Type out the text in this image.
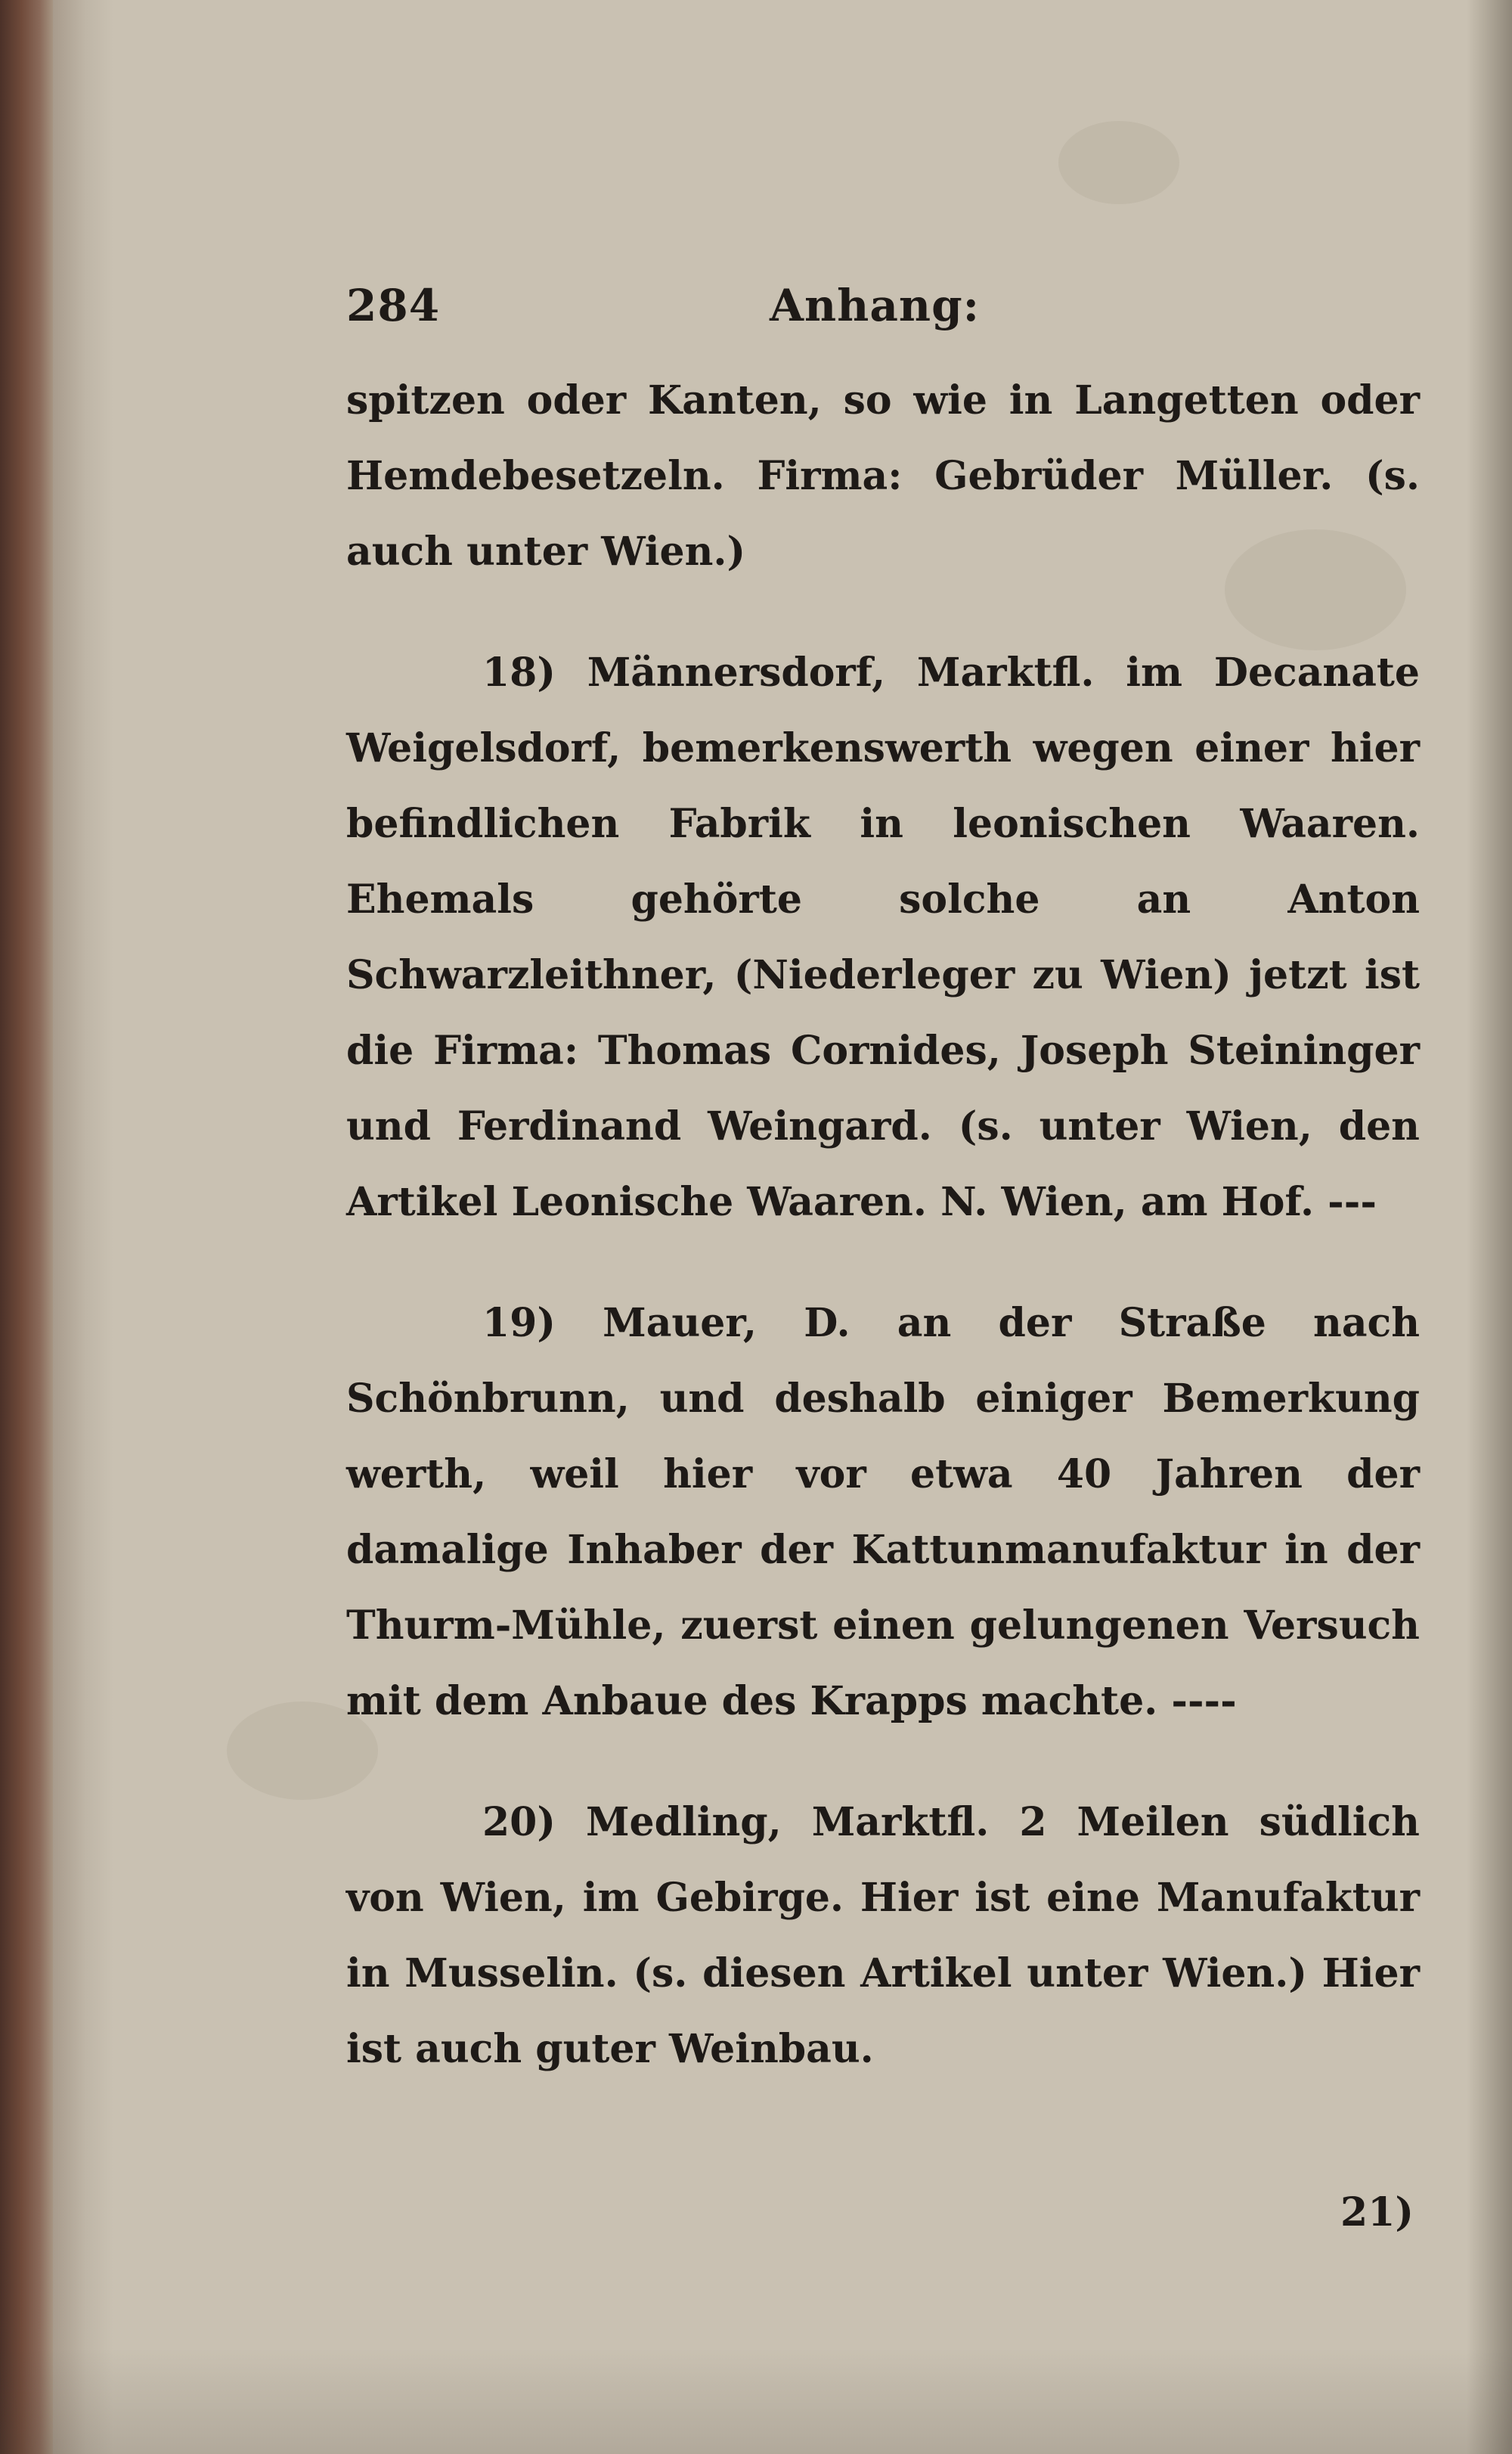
284	Anhang:

spitzen oder Kanten, so wie in Langetten oder Hemdebesetzeln. Firma: Gebrüder Müller. (s. auch unter Wien.)

18) Männersdorf, Marktfl. im Decanate Weigelsdorf, bemerkenswerth wegen einer hier befindlichen Fabrik in leonischen Waaren. Ehemals gehörte solche an Anton Schwarzleithner, (Niederleger zu Wien) jetzt ist die Firma: Thomas Cornides, Joseph Steininger und Ferdinand Weingard. (s. unter Wien, den Artikel Leonische Waaren. N. Wien, am Hof. ---

19) Mauer, D. an der Straße nach Schönbrunn, und deshalb einiger Bemerkung werth, weil hier vor etwa 40 Jahren der damalige Inhaber der Kattunmanufaktur in der Thurm-Mühle, zuerst einen gelungenen Versuch mit dem Anbaue des Krapps machte. ----

20) Medling, Marktfl. 2 Meilen südlich von Wien, im Gebirge. Hier ist eine Manufaktur in Musselin. (s. diesen Artikel unter Wien.) Hier ist auch guter Weinbau.

21)
